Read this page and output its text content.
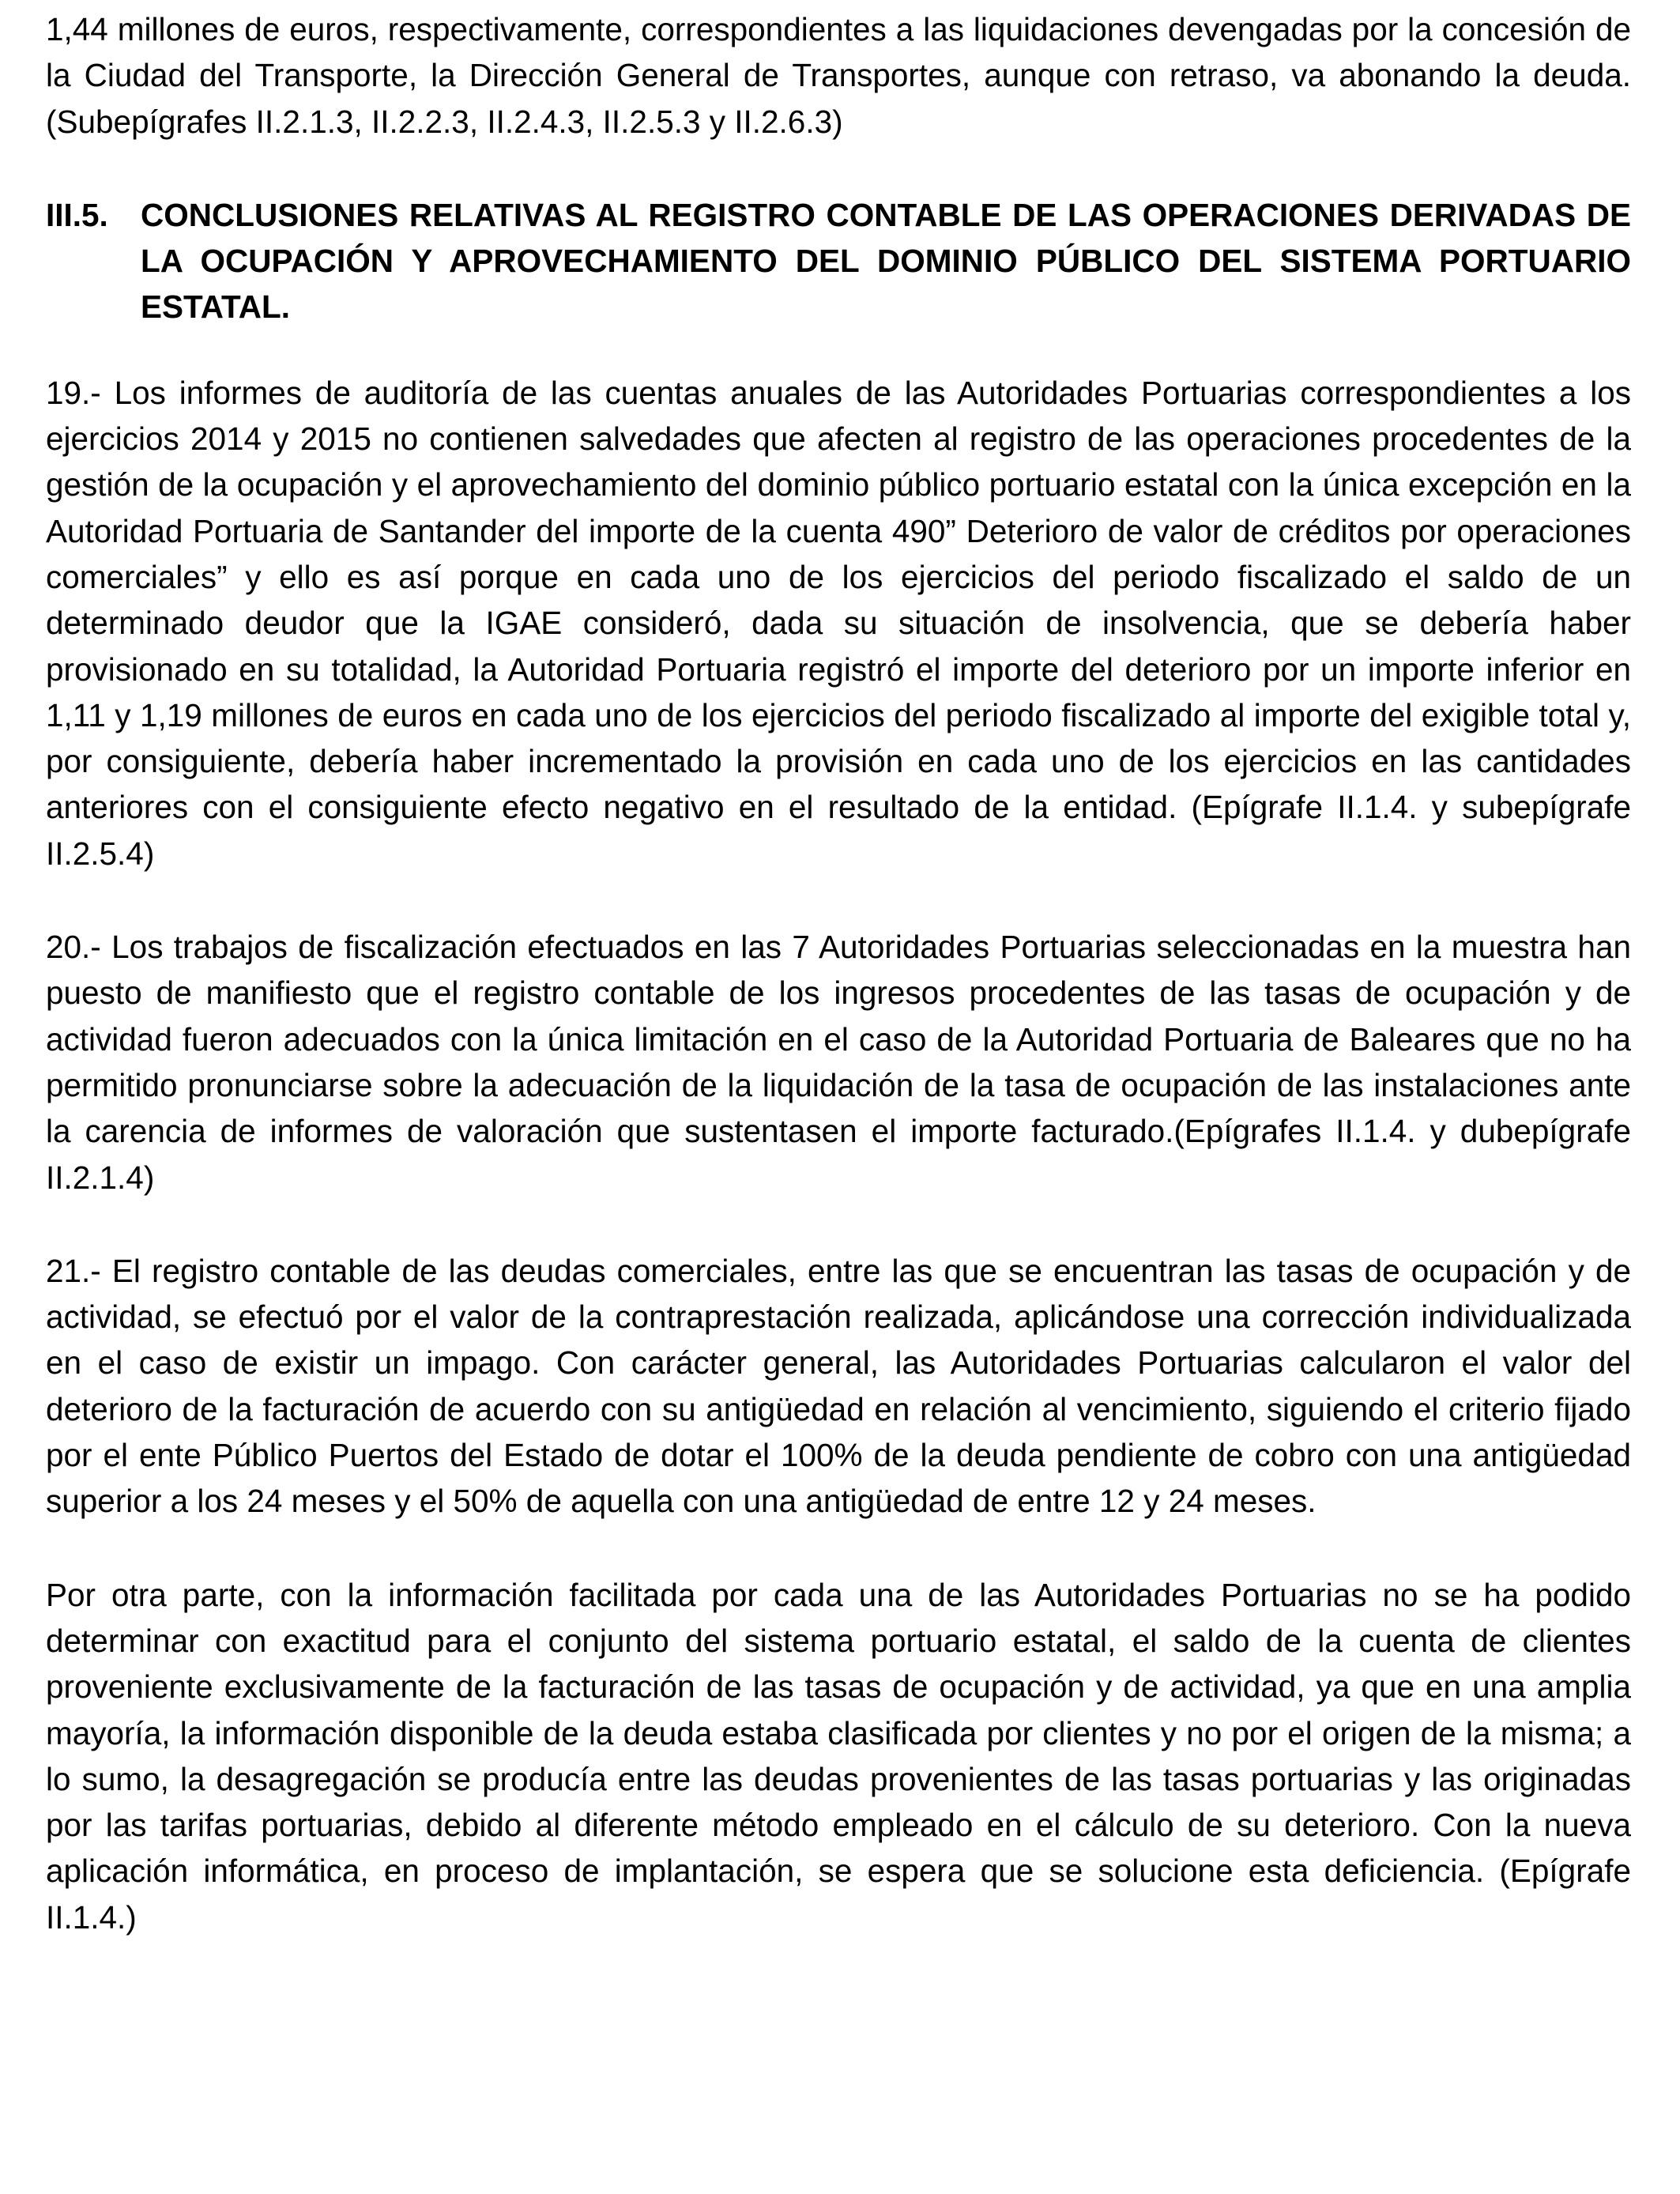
1,44 millones de euros, respectivamente, correspondientes a las liquidaciones devengadas por la concesión de la Ciudad del Transporte, la Dirección General de Transportes, aunque con retraso, va abonando la deuda. (Subepígrafes II.2.1.3, II.2.2.3, II.2.4.3, II.2.5.3 y II.2.6.3)

III.5.	CONCLUSIONES RELATIVAS AL REGISTRO CONTABLE DE LAS OPERACIONES DERIVADAS DE LA OCUPACIÓN Y APROVECHAMIENTO DEL DOMINIO PÚBLICO DEL SISTEMA PORTUARIO ESTATAL.

19.- Los informes de auditoría de las cuentas anuales de las Autoridades Portuarias correspondientes a los ejercicios 2014 y 2015 no contienen salvedades que afecten al registro de las operaciones procedentes de la gestión de la ocupación y el aprovechamiento del dominio público portuario estatal con la única excepción en la Autoridad Portuaria de Santander del importe de la cuenta 490” Deterioro de valor de créditos por operaciones comerciales” y ello es así porque en cada uno de los ejercicios del periodo fiscalizado el saldo de un determinado deudor que la IGAE consideró, dada su situación de insolvencia, que se debería haber provisionado en su totalidad, la Autoridad Portuaria registró el importe del deterioro por un importe inferior en 1,11 y 1,19 millones de euros en cada uno de los ejercicios del periodo fiscalizado al importe del exigible total y, por consiguiente, debería haber incrementado la provisión en cada uno de los ejercicios en las cantidades anteriores con el consiguiente efecto negativo en el resultado de la entidad. (Epígrafe II.1.4. y subepígrafe II.2.5.4)

20.- Los trabajos de fiscalización efectuados en las 7 Autoridades Portuarias seleccionadas en la muestra han puesto de manifiesto que el registro contable de los ingresos procedentes de las tasas de ocupación y de actividad fueron adecuados con la única limitación en el caso de la Autoridad Portuaria de Baleares que no ha permitido pronunciarse sobre la adecuación de la liquidación de la tasa de ocupación de las instalaciones ante la carencia de informes de valoración que sustentasen el importe facturado.(Epígrafes II.1.4. y dubepígrafe II.2.1.4)

21.- El registro contable de las deudas comerciales, entre las que se encuentran las tasas de ocupación y de actividad, se efectuó por el valor de la contraprestación realizada, aplicándose una corrección individualizada en el caso de existir un impago. Con carácter general, las Autoridades Portuarias calcularon el valor del deterioro de la facturación de acuerdo con su antigüedad en relación al vencimiento, siguiendo el criterio fijado por el ente Público Puertos del Estado de dotar el 100% de la deuda pendiente de cobro con una antigüedad superior a los 24 meses y el 50% de aquella con una antigüedad de entre 12 y 24 meses.

Por otra parte, con la información facilitada por cada una de las Autoridades Portuarias no se ha podido determinar con exactitud para el conjunto del sistema portuario estatal, el saldo de la cuenta de clientes proveniente exclusivamente de la facturación de las tasas de ocupación y de actividad, ya que en una amplia mayoría, la información disponible de la deuda estaba clasificada por clientes y no por el origen de la misma; a lo sumo, la desagregación se producía entre las deudas provenientes de las tasas portuarias y las originadas por las tarifas portuarias, debido al diferente método empleado en el cálculo de su deterioro. Con la nueva aplicación informática, en proceso de implantación, se espera que se solucione esta deficiencia. (Epígrafe II.1.4.)
